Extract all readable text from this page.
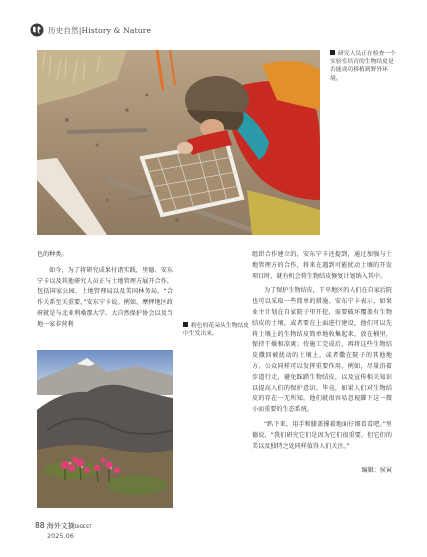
历史自然|History & Nature
研究人员正在检查一个实验室培育的生物结皮是否能成功移植到野外环境。

色的种类。

如今，为了将研究成果付诸实践，里德、安东宁卡以及其他研究人员正与土地管理方展开合作，包括国家公园、土地管理局以及美国林务局。“合作关系至关重要，”安东宁卡说。例如，摩押地区政府就是与北亚利桑那大学、大自然保护协会以及当地一家非营利	粉色的花朵从生物结皮中生发出来。

组织合作建立的，安东宁卡还提到，通过加强与土地管理方的合作，将来在遇到可能扰动土壤的开发项目时，就有机会将生物结皮修复计划纳入其中。

为了保护生物结皮，干旱地区的人们在自家后院也可以采取一些简单的措施。安东宁卡表示，如果业主计划在自家院子里开挖，需要破坏覆盖有生物结皮的土壤，或者要在上面进行建设，他们可以先将土壤上的生物结皮简单地收集起来，放在桶里，保持干燥和凉爽；待施工完成后，再将这些生物结皮撒回被扰动的土壤上，或者撒在院子的其他地方。公众同样可以发挥重要作用。例如，尽量沿着步道行走，避免踩踏生物结皮，以及宣传相关知识以提高人们的保护意识。毕竟，如果人们对生物结皮的存在一无所知，他们就很容易忽视脚下这一微小而重要的生态系统。

“趴下来，用手和膝盖撑着地面仔细看看吧。”里德说，“我们研究它们是因为它们很重要，但它们的美以及独特之处同样值得人们关注。”

编辑：侯寅

88 海外文摘DIGEST
2025.06
